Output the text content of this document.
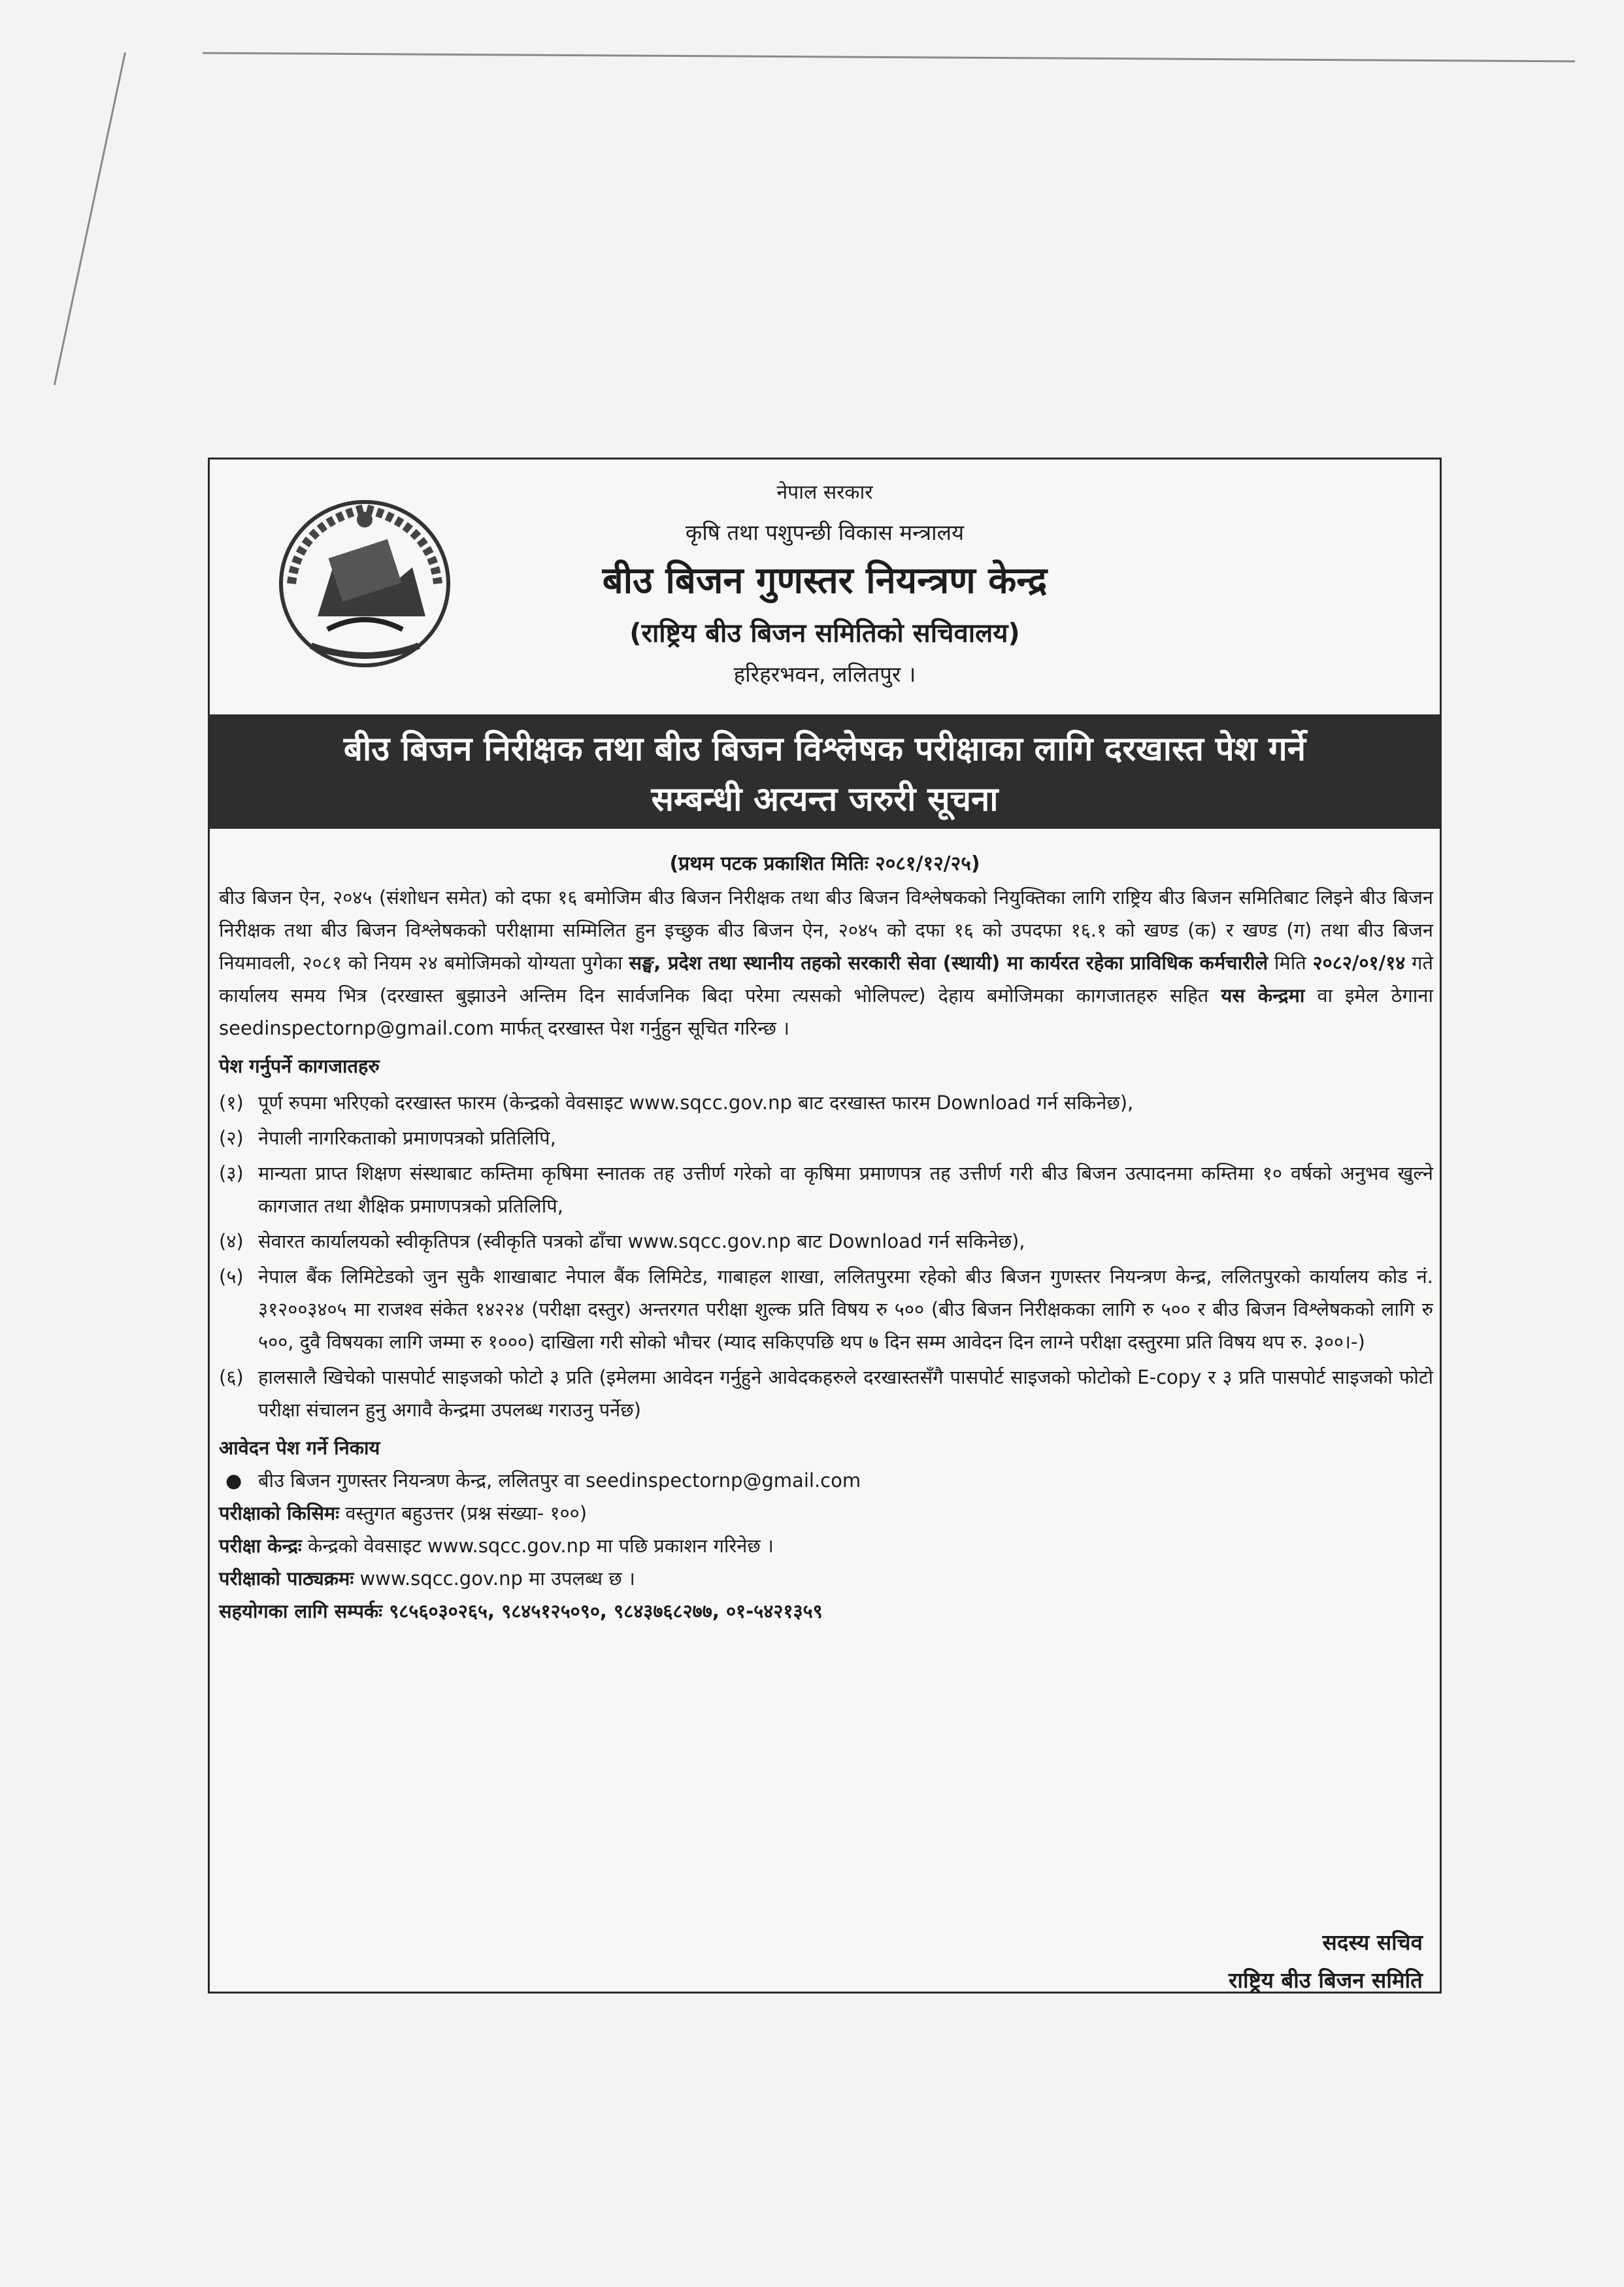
नेपाल सरकार
कृषि तथा पशुपन्छी विकास मन्त्रालय
बीउ बिजन गुणस्तर नियन्त्रण केन्द्र
(राष्ट्रिय बीउ बिजन समितिको सचिवालय)
हरिहरभवन, ललितपुर ।
बीउ बिजन निरीक्षक तथा बीउ बिजन विश्लेषक परीक्षाका लागि दरखास्त पेश गर्ने
सम्बन्धी अत्यन्त जरुरी सूचना
(प्रथम पटक प्रकाशित मितिः २०८१/१२/२५)

बीउ बिजन ऐन, २०४५ (संशोधन समेत) को दफा १६ बमोजिम बीउ बिजन निरीक्षक तथा बीउ बिजन विश्लेषकको नियुक्तिका लागि राष्ट्रिय बीउ बिजन समितिबाट लिइने बीउ बिजन निरीक्षक तथा बीउ बिजन विश्लेषकको परीक्षामा सम्मिलित हुन इच्छुक बीउ बिजन ऐन, २०४५ को दफा १६ को उपदफा १६.१ को खण्ड (क) र खण्ड (ग) तथा बीउ बिजन नियमावली, २०८१ को नियम २४ बमोजिमको योग्यता पुगेका सङ्घ, प्रदेश तथा स्थानीय तहको सरकारी सेवा (स्थायी) मा कार्यरत रहेका प्राविधिक कर्मचारीले मिति २०८२/०१/१४ गते कार्यालय समय भित्र (दरखास्त बुझाउने अन्तिम दिन सार्वजनिक बिदा परेमा त्यसको भोलिपल्ट) देहाय बमोजिमका कागजातहरु सहित यस केन्द्रमा वा इमेल ठेगाना seedinspectornp@gmail.com मार्फत् दरखास्त पेश गर्नुहुन सूचित गरिन्छ ।

पेश गर्नुपर्ने कागजातहरु
(१) पूर्ण रुपमा भरिएको दरखास्त फारम (केन्द्रको वेवसाइट www.sqcc.gov.np बाट दरखास्त फारम Download गर्न सकिनेछ),
(२) नेपाली नागरिकताको प्रमाणपत्रको प्रतिलिपि,
(३) मान्यता प्राप्त शिक्षण संस्थाबाट कम्तिमा कृषिमा स्नातक तह उत्तीर्ण गरेको वा कृषिमा प्रमाणपत्र तह उत्तीर्ण गरी बीउ बिजन उत्पादनमा कम्तिमा १० वर्षको अनुभव खुल्ने कागजात तथा शैक्षिक प्रमाणपत्रको प्रतिलिपि,
(४) सेवारत कार्यालयको स्वीकृतिपत्र (स्वीकृति पत्रको ढाँचा www.sqcc.gov.np बाट Download गर्न सकिनेछ),
(५) नेपाल बैंक लिमिटेडको जुन सुकै शाखाबाट नेपाल बैंक लिमिटेड, गाबाहल शाखा, ललितपुरमा रहेको बीउ बिजन गुणस्तर नियन्त्रण केन्द्र, ललितपुरको कार्यालय कोड नं. ३१२००३४०५ मा राजश्व संकेत १४२२४ (परीक्षा दस्तुर) अन्तरगत परीक्षा शुल्क प्रति विषय रु ५०० (बीउ बिजन निरीक्षकका लागि रु ५०० र बीउ बिजन विश्लेषकको लागि रु ५००, दुवै विषयका लागि जम्मा रु १०००) दाखिला गरी सोको भौचर (म्याद सकिएपछि थप ७ दिन सम्म आवेदन दिन लाग्ने परीक्षा दस्तुरमा प्रति विषय थप रु. ३००।-)
(६) हालसालै खिचेको पासपोर्ट साइजको फोटो ३ प्रति (इमेलमा आवेदन गर्नुहुने आवेदकहरुले दरखास्तसँगै पासपोर्ट साइजको फोटोको E-copy र ३ प्रति पासपोर्ट साइजको फोटो परीक्षा संचालन हुनु अगावै केन्द्रमा उपलब्ध गराउनु पर्नेछ)
आवेदन पेश गर्ने निकाय
● बीउ बिजन गुणस्तर नियन्त्रण केन्द्र, ललितपुर वा seedinspectornp@gmail.com

परीक्षाको किसिमः वस्तुगत बहुउत्तर (प्रश्न संख्या- १००)

परीक्षा केन्द्रः केन्द्रको वेवसाइट www.sqcc.gov.np मा पछि प्रकाशन गरिनेछ ।

परीक्षाको पाठ्यक्रमः www.sqcc.gov.np मा उपलब्ध छ ।

सहयोगका लागि सम्पर्कः ९८५६०३०२६५, ९८४५१२५०९०, ९८४३७६८२७७, ०१-५४२१३५९

सदस्य सचिव
राष्ट्रिय बीउ बिजन समिति
